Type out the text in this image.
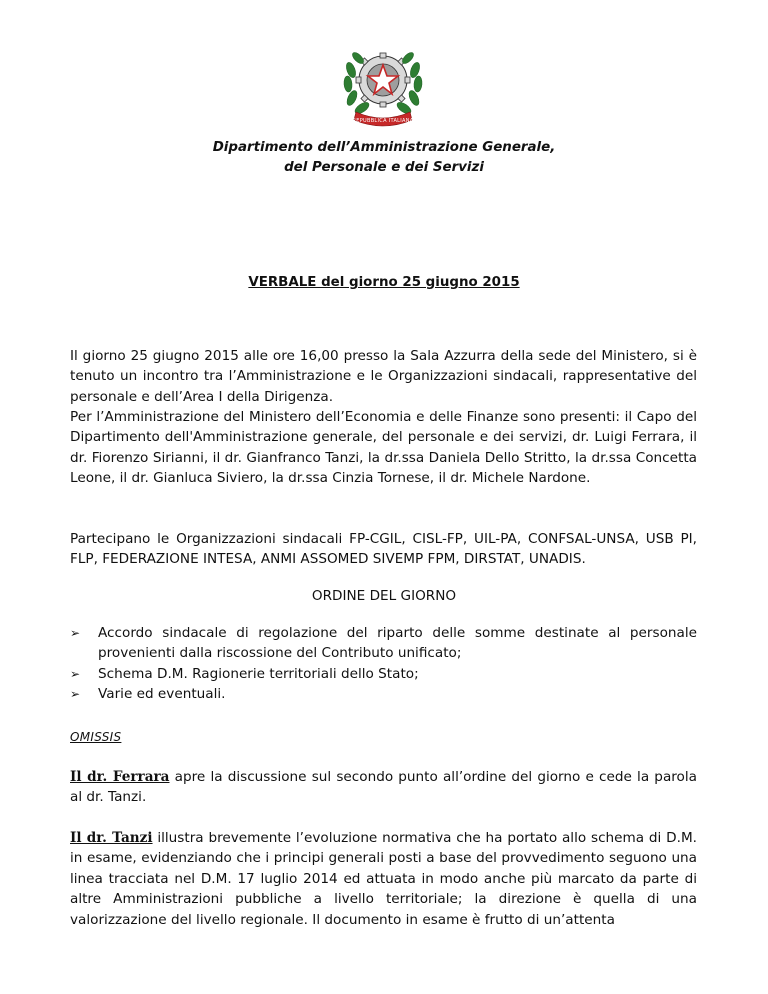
REPUBBLICA ITALIANA
Dipartimento dell’Amministrazione Generale,
del Personale e dei Servizi
VERBALE del giorno 25 giugno 2015

Il giorno 25 giugno 2015 alle ore 16,00 presso la Sala Azzurra della sede del Ministero, si è tenuto un incontro tra l’Amministrazione e le Organizzazioni sindacali, rappresentative del personale e dell’Area I della Dirigenza.

Per l’Amministrazione del Ministero dell’Economia e delle Finanze sono presenti: il Capo del Dipartimento dell'Amministrazione generale, del personale e dei servizi, dr. Luigi Ferrara, il dr. Fiorenzo Sirianni, il dr. Gianfranco Tanzi, la dr.ssa Daniela Dello Stritto, la dr.ssa Concetta Leone, il dr. Gianluca Siviero, la dr.ssa Cinzia Tornese, il dr. Michele Nardone.

Partecipano le Organizzazioni sindacali FP-CGIL, CISL-FP, UIL-PA, CONFSAL-UNSA, USB PI, FLP, FEDERAZIONE INTESA, ANMI ASSOMED SIVEMP FPM, DIRSTAT, UNADIS.

ORDINE DEL GIORNO
➢ Accordo sindacale di regolazione del riparto delle somme destinate al personale
provenienti dalla riscossione del Contributo unificato;
➢ Schema D.M. Ragionerie territoriali dello Stato;
➢ Varie ed eventuali.
OMISSIS

Il dr. Ferrara apre la discussione sul secondo punto all’ordine del giorno e cede la parola al dr. Tanzi.

Il dr. Tanzi illustra brevemente l’evoluzione normativa che ha portato allo schema di D.M. in esame, evidenziando che i principi generali posti a base del provvedimento seguono una linea tracciata nel D.M. 17 luglio 2014 ed attuata in modo anche più marcato da parte di altre Amministrazioni pubbliche a livello territoriale; la direzione è quella di una valorizzazione del livello regionale. Il documento in esame è frutto di un’attenta
